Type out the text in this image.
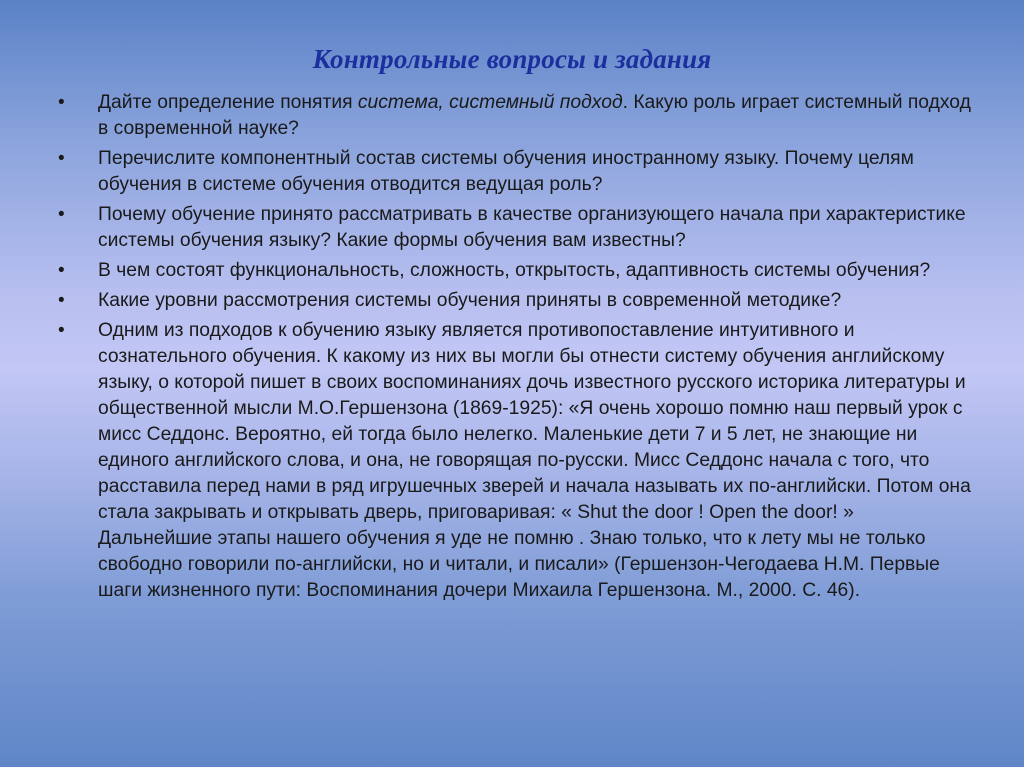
Контрольные вопросы и задания
•	Дайте определение понятия система, системный подход. Какую роль играет системный подход в современной науке?
•	Перечислите компонентный состав системы обучения иностранному языку. Почему целям обучения в системе обучения отводится ведущая роль?
•	Почему обучение принято рассматривать в качестве организующего начала при характеристике системы обучения языку? Какие формы обучения вам известны?
•	В чем состоят функциональность, сложность, открытость, адаптивность системы обучения?
•	Какие уровни рассмотрения системы обучения приняты в современной методике?
•	Одним из подходов к обучению языку является противопоставление интуитивного и сознательного обучения. К какому из них вы могли бы отнести систему обучения английскому языку, о которой пишет в своих воспоминаниях дочь известного русского историка литературы и общественной мысли М.О.Гершензона (1869-1925): «Я очень хорошо помню наш первый урок с мисс Седдонс. Вероятно, ей тогда было нелегко. Маленькие дети 7 и 5 лет, не знающие ни единого английского слова, и она, не говорящая по-русски. Мисс Седдонс начала с того, что расставила перед нами в ряд игрушечных зверей и начала называть их по-английски. Потом она стала закрывать и открывать дверь, приговаривая: « Shut the door ! Open the door! » Дальнейшие этапы нашего обучения я уде не помню . Знаю только, что к лету мы не только свободно говорили по-английски, но и читали, и писали» (Гершензон-Чегодаева Н.М. Первые шаги жизненного пути: Воспоминания дочери Михаила Гершензона. М., 2000. С. 46).
